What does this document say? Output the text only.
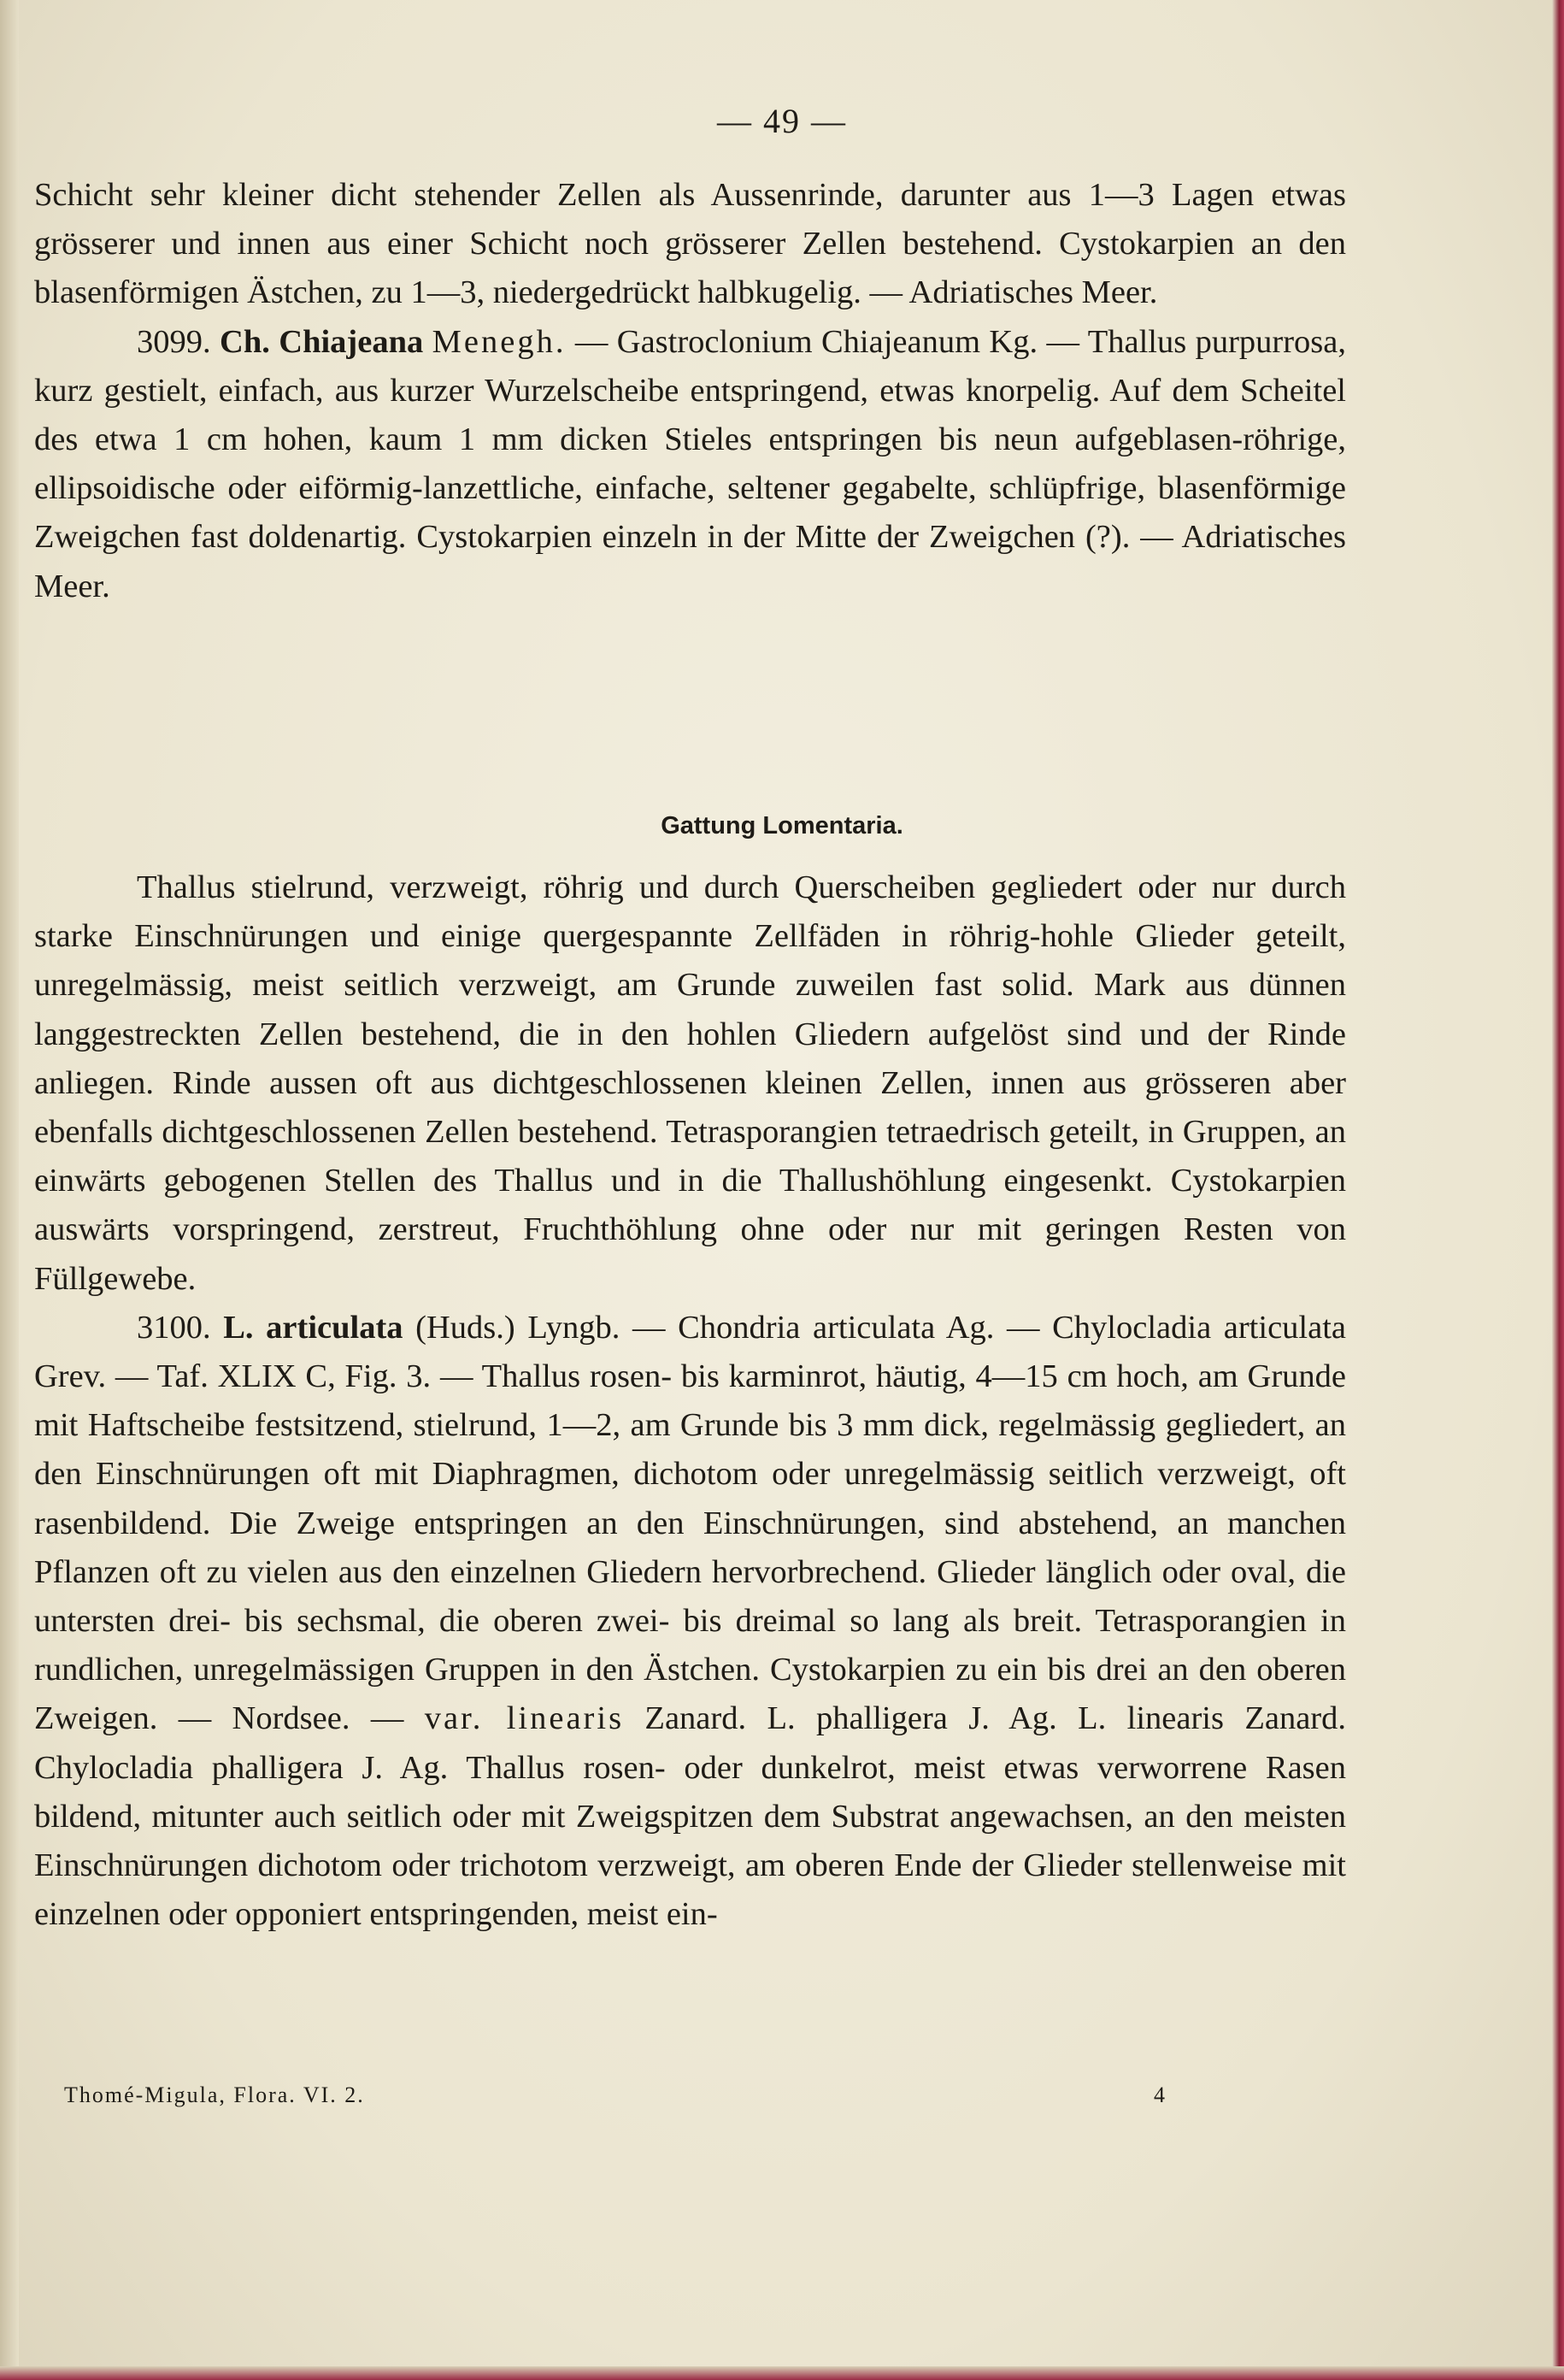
— 49 —

Schicht sehr kleiner dicht stehender Zellen als Aussenrinde, darunter aus 1—3 Lagen etwas grösserer und innen aus einer Schicht noch grösserer Zellen bestehend. Cystokarpien an den blasenförmigen Ästchen, zu 1—3, niedergedrückt halbkugelig. — Adriatisches Meer.

3099. Ch. Chiajeana Menegh. — Gastroclonium Chiajeanum Kg. — Thallus purpurrosa, kurz gestielt, einfach, aus kurzer Wurzelscheibe entspringend, etwas knorpelig. Auf dem Scheitel des etwa 1 cm hohen, kaum 1 mm dicken Stieles entspringen bis neun aufgeblasen-röhrige, ellipsoidische oder eiförmig-lanzettliche, einfache, seltener gegabelte, schlüpfrige, blasenförmige Zweigchen fast doldenartig. Cystokarpien einzeln in der Mitte der Zweigchen (?). — Adriatisches Meer.

Gattung Lomentaria.

Thallus stielrund, verzweigt, röhrig und durch Querscheiben gegliedert oder nur durch starke Einschnürungen und einige quergespannte Zellfäden in röhrig-hohle Glieder geteilt, unregelmässig, meist seitlich verzweigt, am Grunde zuweilen fast solid. Mark aus dünnen langgestreckten Zellen bestehend, die in den hohlen Gliedern aufgelöst sind und der Rinde anliegen. Rinde aussen oft aus dichtgeschlossenen kleinen Zellen, innen aus grösseren aber ebenfalls dichtgeschlossenen Zellen bestehend. Tetrasporangien tetraedrisch geteilt, in Gruppen, an einwärts gebogenen Stellen des Thallus und in die Thallushöhlung eingesenkt. Cystokarpien auswärts vorspringend, zerstreut, Fruchthöhlung ohne oder nur mit geringen Resten von Füllgewebe.

3100. L. articulata (Huds.) Lyngb. — Chondria articulata Ag. — Chylocladia articulata Grev. — Taf. XLIX C, Fig. 3. — Thallus rosen- bis karminrot, häutig, 4—15 cm hoch, am Grunde mit Haftscheibe festsitzend, stielrund, 1—2, am Grunde bis 3 mm dick, regelmässig gegliedert, an den Einschnürungen oft mit Diaphragmen, dichotom oder unregelmässig seitlich verzweigt, oft rasenbildend. Die Zweige entspringen an den Einschnürungen, sind abstehend, an manchen Pflanzen oft zu vielen aus den einzelnen Gliedern hervorbrechend. Glieder länglich oder oval, die untersten drei- bis sechsmal, die oberen zwei- bis dreimal so lang als breit. Tetrasporangien in rundlichen, unregelmässigen Gruppen in den Ästchen. Cystokarpien zu ein bis drei an den oberen Zweigen. — Nordsee. — var. linearis Zanard. L. phalligera J. Ag. L. linearis Zanard. Chylocladia phalligera J. Ag. Thallus rosen- oder dunkelrot, meist etwas verworrene Rasen bildend, mitunter auch seitlich oder mit Zweigspitzen dem Substrat angewachsen, an den meisten Einschnürungen dichotom oder trichotom verzweigt, am oberen Ende der Glieder stellenweise mit einzelnen oder opponiert entspringenden, meist ein-

Thomé-Migula, Flora. VI. 2.	4
